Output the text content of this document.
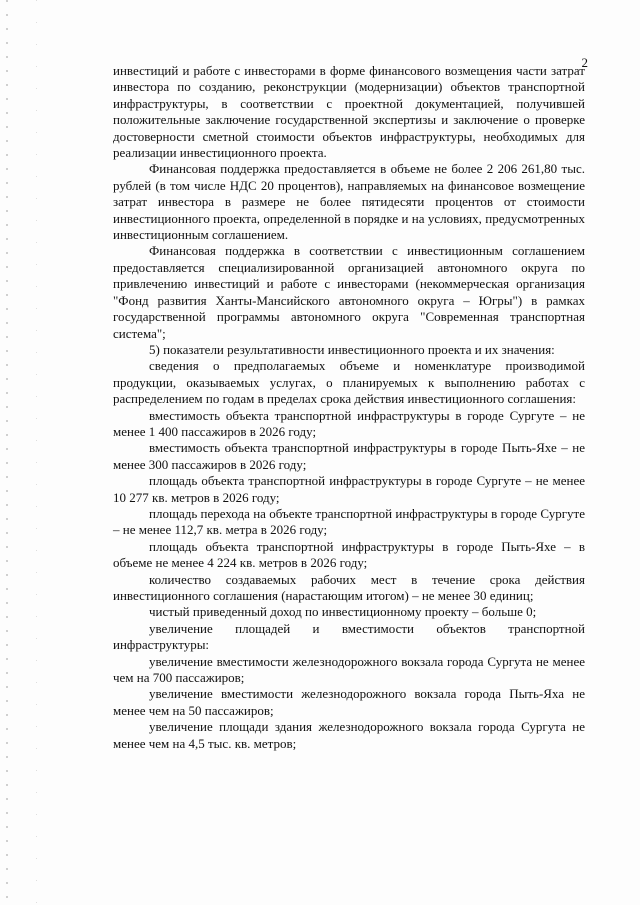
2

инвестиций и работе с инвесторами в форме финансового возмещения части затрат инвестора по созданию, реконструкции (модернизации) объектов транспортной инфраструктуры, в соответствии с проектной документацией, получившей положительные заключение государственной экспертизы и заключение о проверке достоверности сметной стоимости объектов инфраструктуры, необходимых для реализации инвестиционного проекта.

Финансовая поддержка предоставляется в объеме не более 2 206 261,80 тыс. рублей (в том числе НДС 20 процентов), направляемых на финансовое возмещение затрат инвестора в размере не более пятидесяти процентов от стоимости инвестиционного проекта, определенной в порядке и на условиях, предусмотренных инвестиционным соглашением.

Финансовая поддержка в соответствии с инвестиционным соглашением предоставляется специализированной организацией автономного округа по привлечению инвестиций и работе с инвесторами (некоммерческая организация "Фонд развития Ханты-Мансийского автономного округа – Югры") в рамках государственной программы автономного округа "Современная транспортная система";

5) показатели результативности инвестиционного проекта и их значения:

сведения о предполагаемых объеме и номенклатуре производимой продукции, оказываемых услугах, о планируемых к выполнению работах с распределением по годам в пределах срока действия инвестиционного соглашения:

вместимость объекта транспортной инфраструктуры в городе Сургуте – не менее 1 400 пассажиров в 2026 году;

вместимость объекта транспортной инфраструктуры в городе Пыть-Яхе – не менее 300 пассажиров в 2026 году;

площадь объекта транспортной инфраструктуры в городе Сургуте – не менее 10 277 кв. метров в 2026 году;

площадь перехода на объекте транспортной инфраструктуры в городе Сургуте – не менее 112,7 кв. метра в 2026 году;

площадь объекта транспортной инфраструктуры в городе Пыть-Яхе – в объеме не менее 4 224 кв. метров в 2026 году;

количество создаваемых рабочих мест в течение срока действия инвестиционного соглашения (нарастающим итогом) – не менее 30 единиц;

чистый приведенный доход по инвестиционному проекту – больше 0;

увеличение площадей и вместимости объектов транспортной инфраструктуры:

увеличение вместимости железнодорожного вокзала города Сургута не менее чем на 700 пассажиров;

увеличение вместимости железнодорожного вокзала города Пыть-Яха не менее чем на 50 пассажиров;

увеличение площади здания железнодорожного вокзала города Сургута не менее чем на 4,5 тыс. кв. метров;
